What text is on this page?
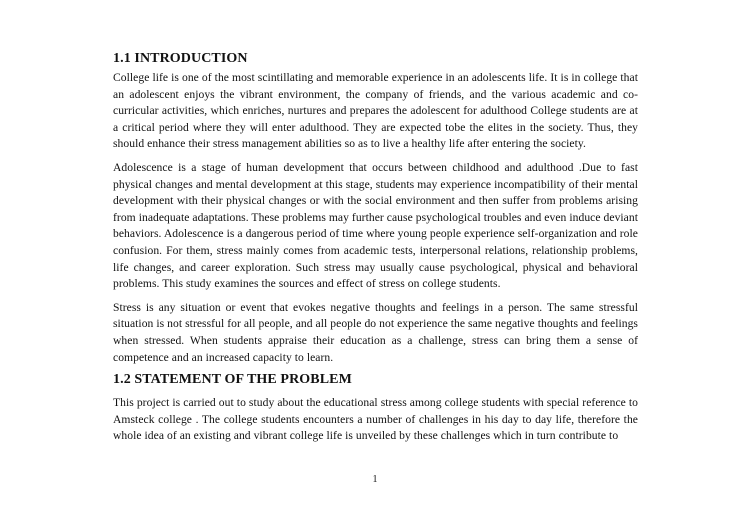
1.1 INTRODUCTION

College life is one of the most scintillating and memorable experience in an adolescents life. It is in college that an adolescent enjoys the vibrant environment, the company of friends, and the various academic and co-curricular activities, which enriches, nurtures and prepares the adolescent for adulthood College students are at a critical period where they will enter adulthood. They are expected tobe the elites in the society. Thus, they should enhance their stress management abilities so as to live a healthy life after entering the society.

Adolescence is a stage of human development that occurs between childhood and adulthood .Due to fast physical changes and mental development at this stage, students may experience incompatibility of their mental development with their physical changes or with the social environment and then suffer from problems arising from inadequate adaptations. These problems may further cause psychological troubles and even induce deviant behaviors. Adolescence is a dangerous period of time where young people experience self-organization and role confusion. For them, stress mainly comes from academic tests, interpersonal relations, relationship problems, life changes, and career exploration. Such stress may usually cause psychological, physical and behavioral problems. This study examines the sources and effect of stress on college students.

Stress is any situation or event that evokes negative thoughts and feelings in a person. The same stressful situation is not stressful for all people, and all people do not experience the same negative thoughts and feelings when stressed. When students appraise their education as a challenge, stress can bring them a sense of competence and an increased capacity to learn.

1.2 STATEMENT OF THE PROBLEM

This project is carried out to study about the educational stress among college students with special reference to Amsteck college . The college students encounters a number of challenges in his day to day life, therefore the whole idea of an existing and vibrant college life is unveiled by these challenges which in turn contribute to

1
